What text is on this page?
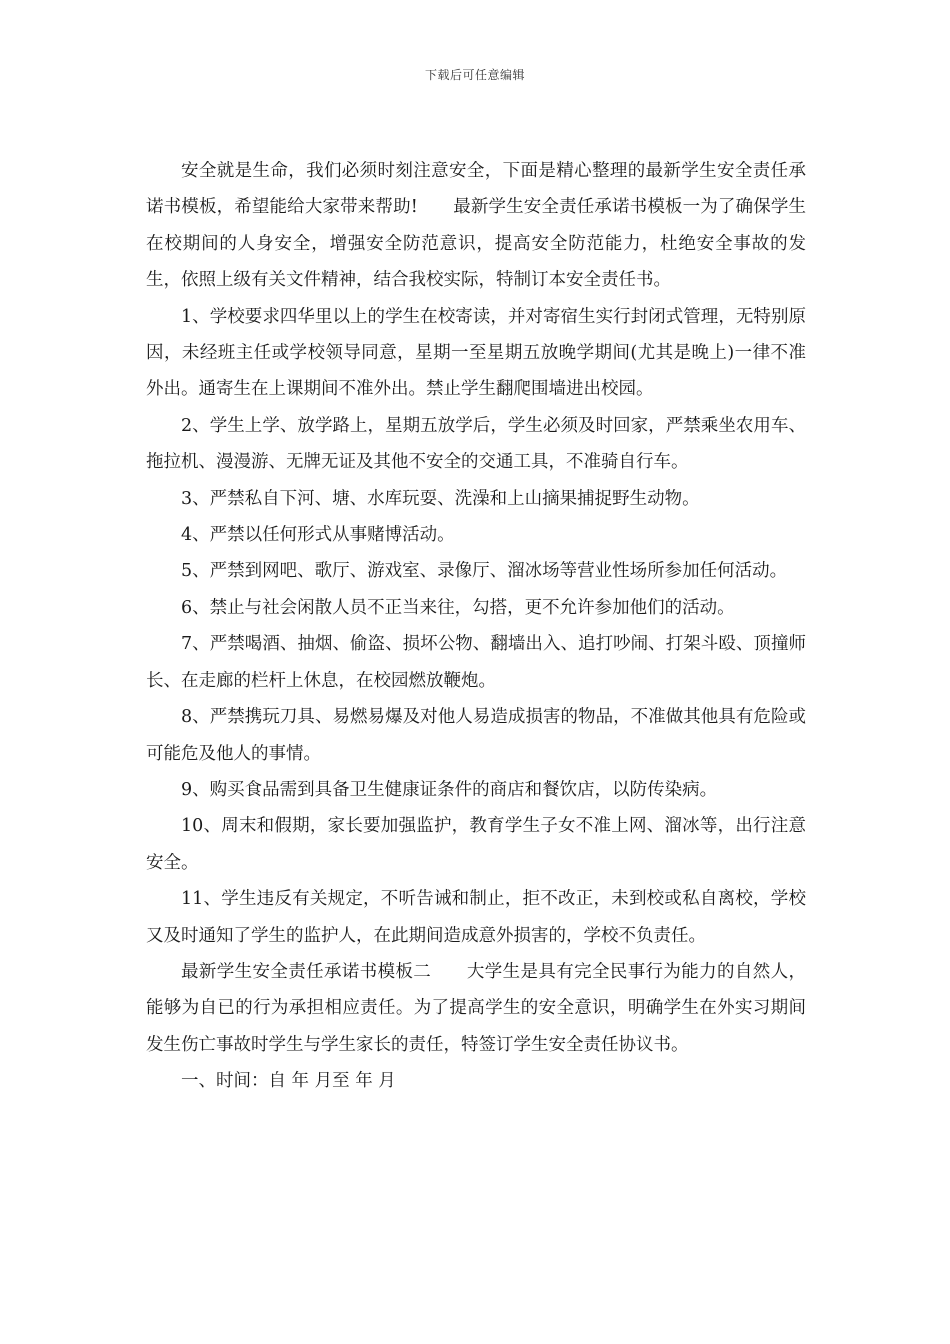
下载后可任意编辑

安全就是生命，我们必须时刻注意安全，下面是精心整理的最新学生安全责任承诺书模板，希望能给大家带来帮助!　　最新学生安全责任承诺书模板一为了确保学生在校期间的人身安全，增强安全防范意识，提高安全防范能力，杜绝安全事故的发生，依照上级有关文件精神，结合我校实际，特制订本安全责任书。

1、学校要求四华里以上的学生在校寄读，并对寄宿生实行封闭式管理，无特别原因，未经班主任或学校领导同意，星期一至星期五放晚学期间(尤其是晚上)一律不准外出。通寄生在上课期间不准外出。禁止学生翻爬围墙进出校园。

2、学生上学、放学路上，星期五放学后，学生必须及时回家，严禁乘坐农用车、拖拉机、漫漫游、无牌无证及其他不安全的交通工具，不准骑自行车。

3、严禁私自下河、塘、水库玩耍、洗澡和上山摘果捕捉野生动物。

4、严禁以任何形式从事赌博活动。

5、严禁到网吧、歌厅、游戏室、录像厅、溜冰场等营业性场所参加任何活动。

6、禁止与社会闲散人员不正当来往，勾搭，更不允许参加他们的活动。

7、严禁喝酒、抽烟、偷盗、损坏公物、翻墙出入、追打吵闹、打架斗殴、顶撞师长、在走廊的栏杆上休息，在校园燃放鞭炮。

8、严禁携玩刀具、易燃易爆及对他人易造成损害的物品，不准做其他具有危险或可能危及他人的事情。

9、购买食品需到具备卫生健康证条件的商店和餐饮店，以防传染病。

10、周末和假期，家长要加强监护，教育学生子女不准上网、溜冰等，出行注意安全。

11、学生违反有关规定，不听告诫和制止，拒不改正，未到校或私自离校，学校又及时通知了学生的监护人，在此期间造成意外损害的，学校不负责任。

最新学生安全责任承诺书模板二　　大学生是具有完全民事行为能力的自然人，能够为自已的行为承担相应责任。为了提高学生的安全意识，明确学生在外实习期间发生伤亡事故时学生与学生家长的责任，特签订学生安全责任协议书。

一、时间：自 年 月至 年 月
